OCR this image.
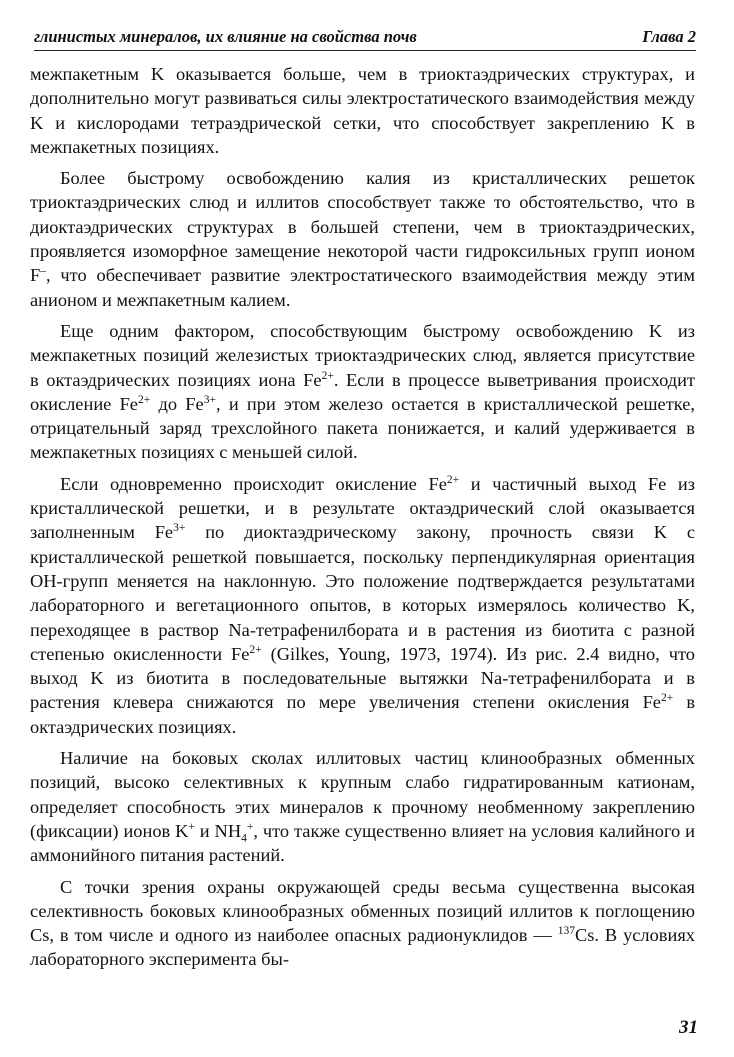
глинистых минералов, их влияние на свойства почв	Глава 2

межпакетным K оказывается больше, чем в триоктаэдрических структурах, и дополнительно могут развиваться силы электростатического взаимодействия между K и кислородами тетраэдрической сетки, что способствует закреплению K в межпакетных позициях.

Более быстрому освобождению калия из кристаллических решеток триоктаэдрических слюд и иллитов способствует также то обстоятельство, что в диоктаэдрических структурах в большей степени, чем в триоктаэдрических, проявляется изоморфное замещение некоторой части гидроксильных групп ионом F–, что обеспечивает развитие электростатического взаимодействия между этим анионом и межпакетным калием.

Еще одним фактором, способствующим быстрому освобождению K из межпакетных позиций железистых триоктаэдрических слюд, является присутствие в октаэдрических позициях иона $Fe^{2+}$. Если в процессе выветривания происходит окисление $Fe^{2+}$ до $Fe^{3+}$, и при этом железо остается в кристаллической решетке, отрицательный заряд трехслойного пакета понижается, и калий удерживается в межпакетных позициях с меньшей силой.

Если одновременно происходит окисление $Fe^{2+}$ и частичный выход Fe из кристаллической решетки, и в результате октаэдрический слой оказывается заполненным $Fe^{3+}$ по диоктаэдрическому закону, прочность связи K с кристаллической решеткой повышается, поскольку перпендикулярная ориентация OH-групп меняется на наклонную. Это положение подтверждается результатами лабораторного и вегетационного опытов, в которых измерялось количество K, переходящее в раствор Na-тетрафенилбората и в растения из биотита с разной степенью окисленности $Fe^{2+}$ (Gilkes, Young, 1973, 1974). Из рис. 2.4 видно, что выход K из биотита в последовательные вытяжки Na-тетрафенилбората и в растения клевера снижаются по мере увеличения степени окисления $Fe^{2+}$ в октаэдрических позициях.

Наличие на боковых сколах иллитовых частиц клинообразных обменных позиций, высоко селективных к крупным слабо гидратированным катионам, определяет способность этих минералов к прочному необменному закреплению (фиксации) ионов K+ и $NH_4^+$, что также существенно влияет на условия калийного и аммонийного питания растений.

С точки зрения охраны окружающей среды весьма существенна высокая селективность боковых клинообразных обменных позиций иллитов к поглощению Cs, в том числе и одного из наиболее опасных радионуклидов — $^{137}$Cs. В условиях лабораторного эксперимента бы-

31
